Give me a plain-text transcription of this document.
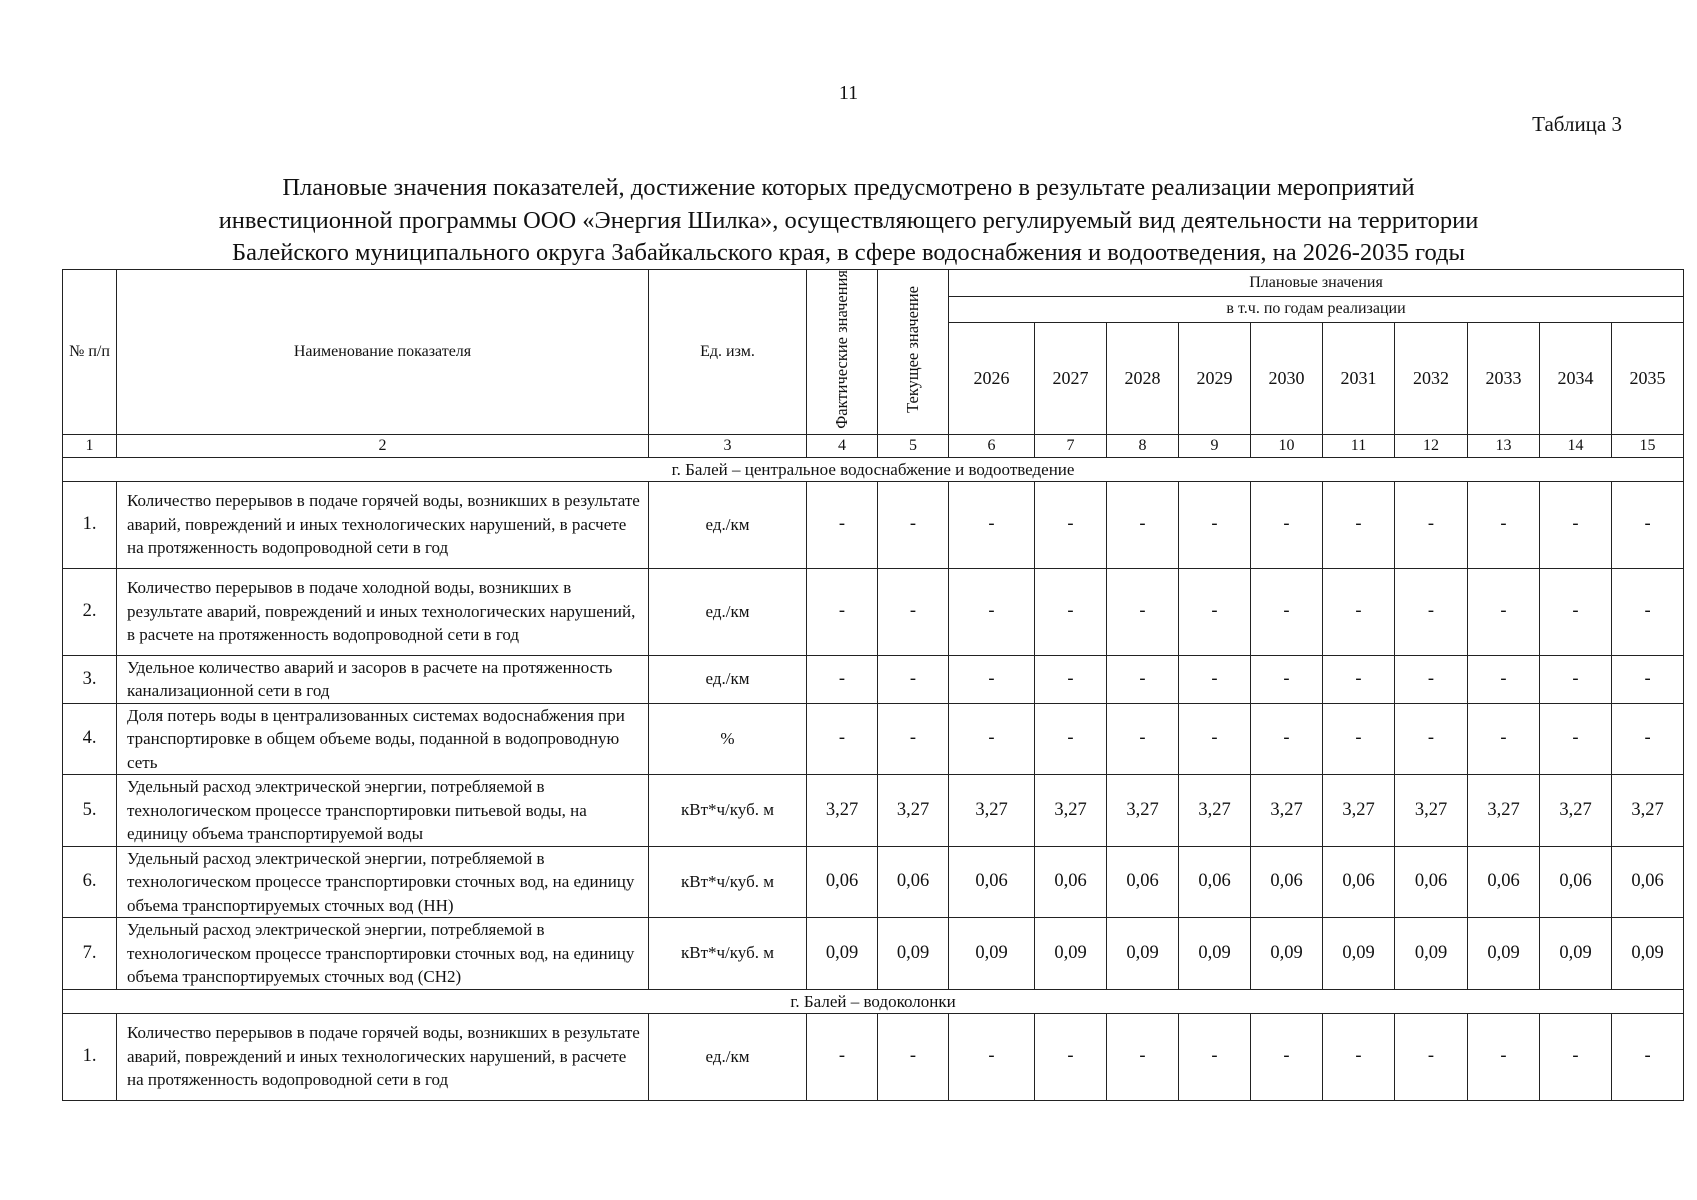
11
Таблица 3
Плановые значения показателей, достижение которых предусмотрено в результате реализации мероприятий
инвестиционной программы ООО «Энергия Шилка», осуществляющего регулируемый вид деятельности на территории
Балейского муниципального округа Забайкальского края, в сфере водоснабжения и водоотведения, на 2026-2035 годы
№ п/п	Наименование показателя	Ед. изм.	Фактические значения	Текущее значение	Плановые значения									
					в т.ч. по годам реализации									
					2026	2027	2028	2029	2030	2031	2032	2033	2034	2035
1	2	3	4	5	6	7	8	9	10	11	12	13	14	15
г. Балей – центральное водоснабжение и водоотведение														
1.	Количество перерывов в подаче горячей воды, возникших в результате аварий, повреждений и иных технологических нарушений, в расчете на протяженность водопроводной сети в год	ед./км	-	-	-	-	-	-	-	-	-	-	-	-
2.	Количество перерывов в подаче холодной воды, возникших в результате аварий, повреждений и иных технологических нарушений, в расчете на протяженность водопроводной сети в год	ед./км	-	-	-	-	-	-	-	-	-	-	-	-
3.	Удельное количество аварий и засоров в расчете на протяженность канализационной сети в год	ед./км	-	-	-	-	-	-	-	-	-	-	-	-
4.	Доля потерь воды в централизованных системах водоснабжения при транспортировке в общем объеме воды, поданной в водопроводную сеть	%	-	-	-	-	-	-	-	-	-	-	-	-
5.	Удельный расход электрической энергии, потребляемой в технологическом процессе транспортировки питьевой воды, на единицу объема транспортируемой воды	кВт*ч/куб. м	3,27	3,27	3,27	3,27	3,27	3,27	3,27	3,27	3,27	3,27	3,27	3,27
6.	Удельный расход электрической энергии, потребляемой в технологическом процессе транспортировки сточных вод, на единицу объема транспортируемых сточных вод (НН)	кВт*ч/куб. м	0,06	0,06	0,06	0,06	0,06	0,06	0,06	0,06	0,06	0,06	0,06	0,06
7.	Удельный расход электрической энергии, потребляемой в технологическом процессе транспортировки сточных вод, на единицу объема транспортируемых сточных вод (СН2)	кВт*ч/куб. м	0,09	0,09	0,09	0,09	0,09	0,09	0,09	0,09	0,09	0,09	0,09	0,09
г. Балей – водоколонки														
1.	Количество перерывов в подаче горячей воды, возникших в результате аварий, повреждений и иных технологических нарушений, в расчете на протяженность водопроводной сети в год	ед./км	-	-	-	-	-	-	-	-	-	-	-	-
